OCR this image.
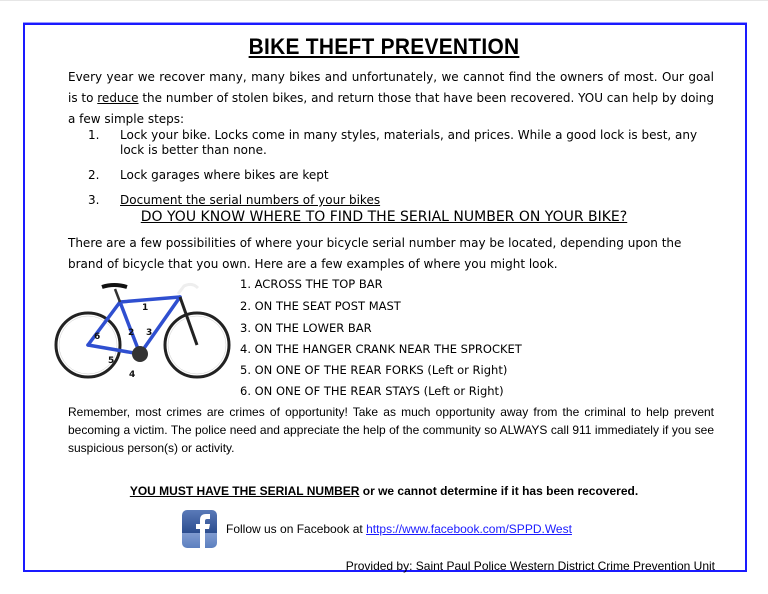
BIKE THEFT PREVENTION
Every year we recover many, many bikes and unfortunately, we cannot find the owners of most. Our goal is to reduce the number of stolen bikes, and return those that have been recovered. YOU can help by doing a few simple steps:
1. Lock your bike. Locks come in many styles, materials, and prices. While a good lock is best, any lock is better than none.
2. Lock garages where bikes are kept
3. Document the serial numbers of your bikes
DO YOU KNOW WHERE TO FIND THE SERIAL NUMBER ON YOUR BIKE?
There are a few possibilities of where your bicycle serial number may be located, depending upon the brand of bicycle that you own. Here are a few examples of where you might look.
1
2 3
4
5
6
1. ACROSS THE TOP BAR
2. ON THE SEAT POST MAST
3. ON THE LOWER BAR
4. ON THE HANGER CRANK NEAR THE SPROCKET
5. ON ONE OF THE REAR FORKS (Left or Right)
6. ON ONE OF THE REAR STAYS (Left or Right)
Remember, most crimes are crimes of opportunity! Take as much opportunity away from the criminal to help prevent becoming a victim. The police need and appreciate the help of the community so ALWAYS call 911 immediately if you see suspicious person(s) or activity.
YOU MUST HAVE THE SERIAL NUMBER or we cannot determine if it has been recovered.
Follow us on Facebook at https://www.facebook.com/SPPD.West
Provided by: Saint Paul Police Western District Crime Prevention Unit
